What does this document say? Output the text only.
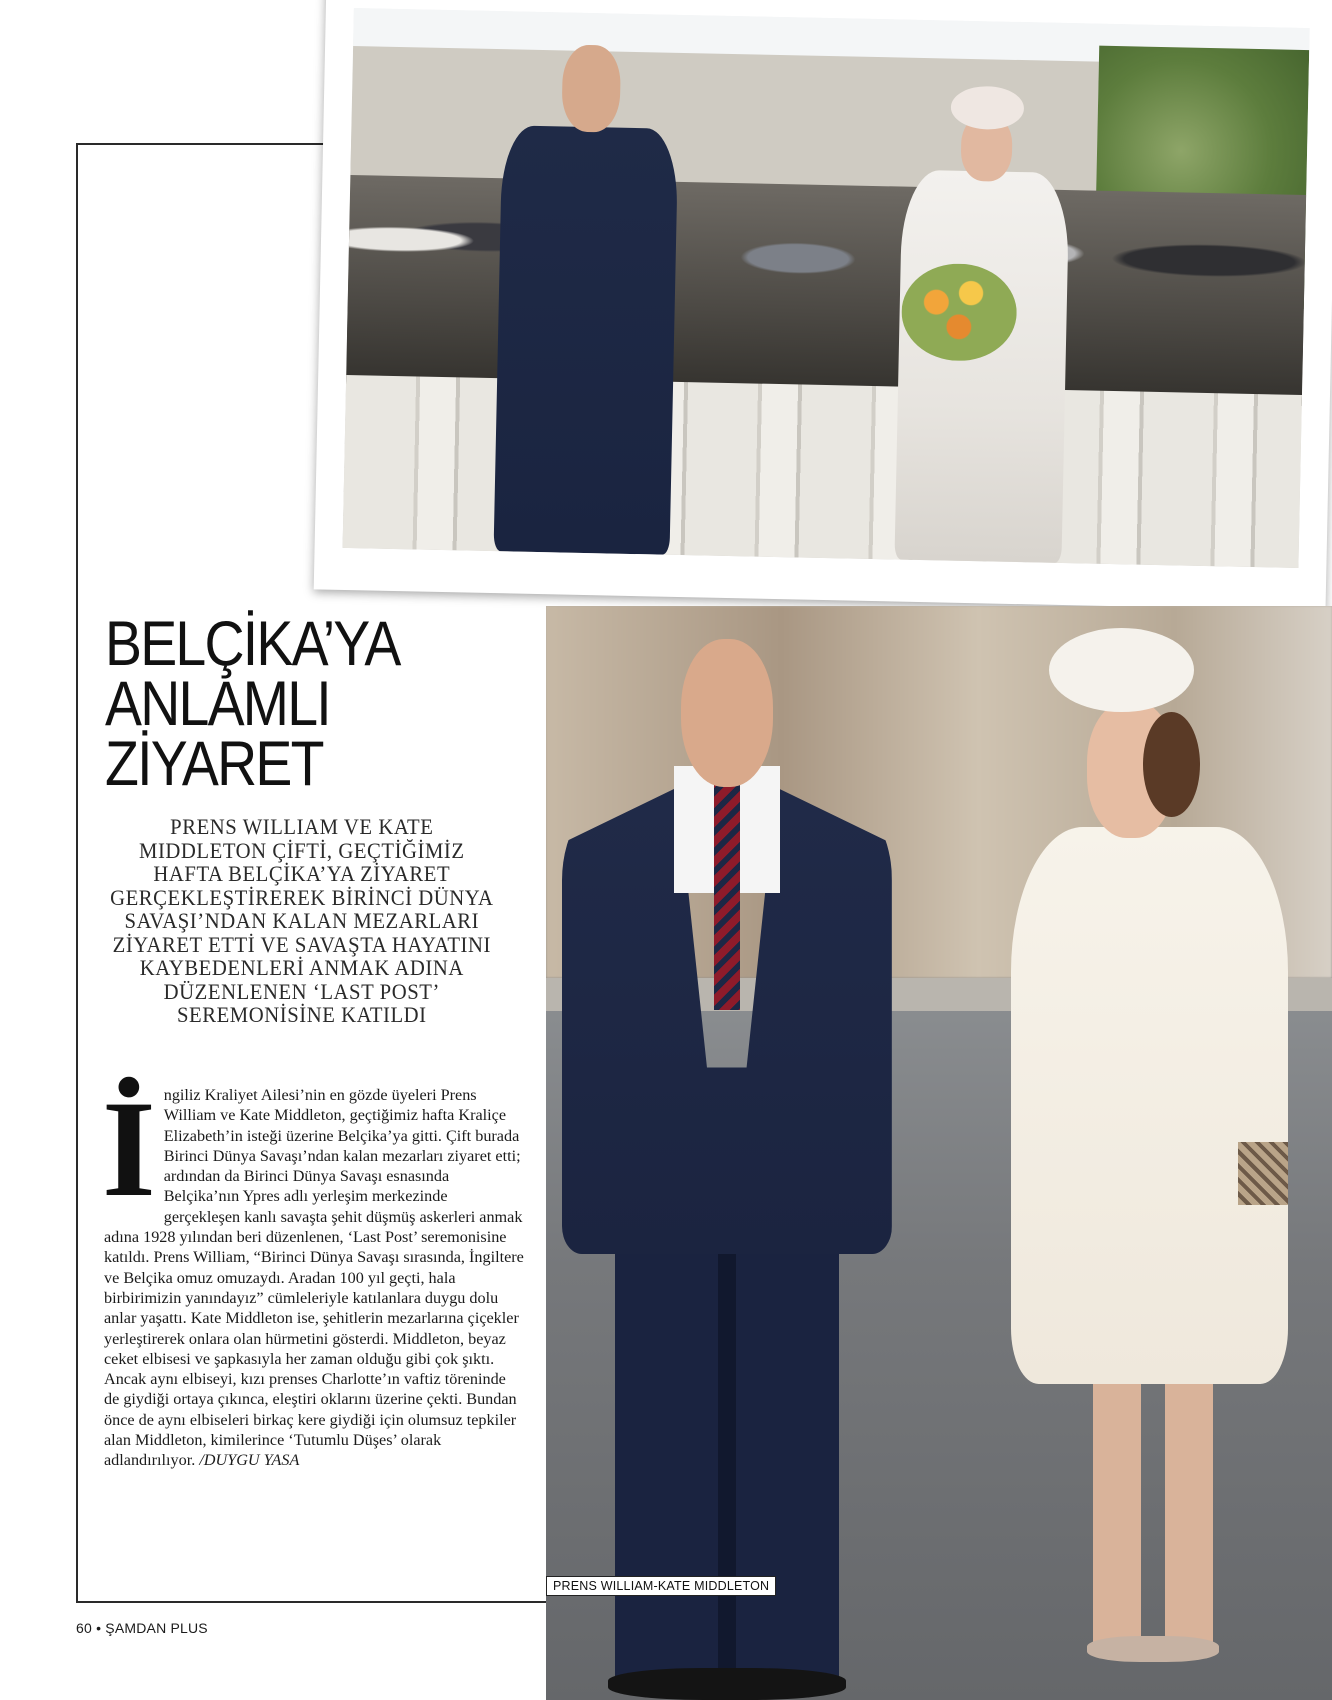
PRENS WILLIAM-KATE MIDDLETON
BELÇİKA’YA
ANLAMLI
ZİYARET

PRENS WILLIAM VE KATE MIDDLETON ÇİFTİ, GEÇTİĞİMİZ HAFTA BELÇİKA’YA ZİYARET GERÇEKLEŞTİREREK BİRİNCİ DÜNYA SAVAŞI’NDAN KALAN MEZARLARI ZİYARET ETTİ VE SAVAŞTA HAYATINI KAYBEDENLERİ ANMAK ADINA DÜZENLENEN ‘LAST POST’ SEREMONİSİNE KATILDI

İ ngiliz Kraliyet Ailesi’nin en gözde üyeleri Prens William ve Kate Middleton, geçtiğimiz hafta Kraliçe Elizabeth’in isteği üzerine Belçika’ya gitti. Çift burada Birinci Dünya Savaşı’ndan kalan mezarları ziyaret etti; ardından da Birinci Dünya Savaşı esnasında Belçika’nın Ypres adlı yerleşim merkezinde gerçekleşen kanlı savaşta şehit düşmüş askerleri anmak adına 1928 yılından beri düzenlenen, ‘Last Post’ seremonisine katıldı. Prens William, “Birinci Dünya Savaşı sırasında, İngiltere ve Belçika omuz omuzaydı. Aradan 100 yıl geçti, hala birbirimizin yanındayız” cümleleriyle katılanlara duygu dolu anlar yaşattı. Kate Middleton ise, şehitlerin mezarlarına çiçekler yerleştirerek onlara olan hürmetini gösterdi. Middleton, beyaz ceket elbisesi ve şapkasıyla her zaman olduğu gibi çok şıktı. Ancak aynı elbiseyi, kızı prenses Charlotte’ın vaftiz töreninde de giydiği ortaya çıkınca, eleştiri oklarını üzerine çekti. Bundan önce de aynı elbiseleri birkaç kere giydiği için olumsuz tepkiler alan Middleton, kimilerince ‘Tutumlu Düşes’ olarak adlandırılıyor. /DUYGU YASA
60 • ŞAMDAN PLUS
